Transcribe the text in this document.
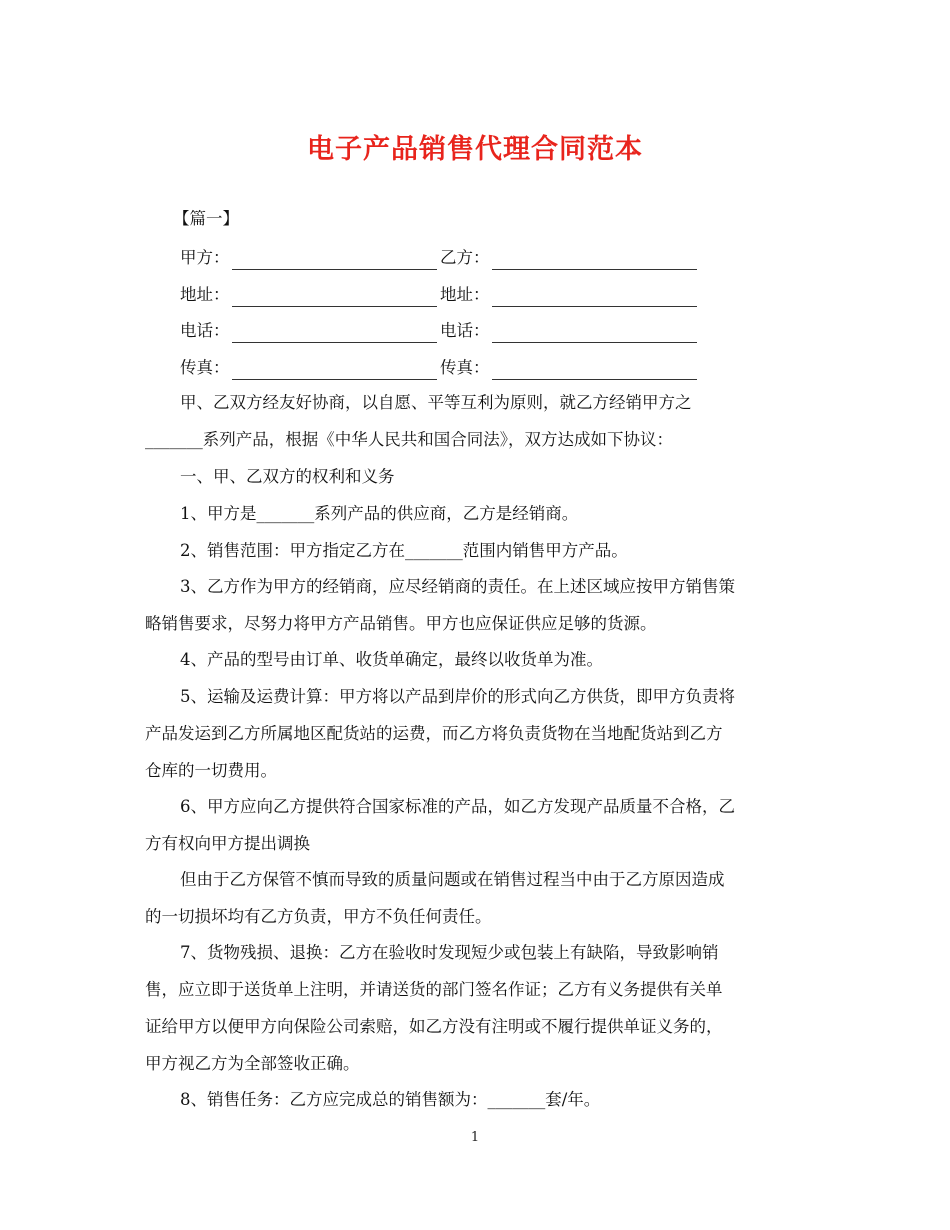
电子产品销售代理合同范本
【篇一】
甲方：	乙方：
地址：	地址：
电话：	电话：
传真：	传真：
甲、乙双方经友好协商，以自愿、平等互利为原则，就乙方经销甲方之
_______系列产品，根据《中华人民共和国合同法》，双方达成如下协议：
一、甲、乙双方的权利和义务
1、甲方是_______系列产品的供应商，乙方是经销商。
2、销售范围：甲方指定乙方在_______范围内销售甲方产品。
3、乙方作为甲方的经销商，应尽经销商的责任。在上述区域应按甲方销售策
略销售要求，尽努力将甲方产品销售。甲方也应保证供应足够的货源。
4、产品的型号由订单、收货单确定，最终以收货单为准。
5、运输及运费计算：甲方将以产品到岸价的形式向乙方供货，即甲方负责将
产品发运到乙方所属地区配货站的运费，而乙方将负责货物在当地配货站到乙方
仓库的一切费用。
6、甲方应向乙方提供符合国家标准的产品，如乙方发现产品质量不合格，乙
方有权向甲方提出调换
但由于乙方保管不慎而导致的质量问题或在销售过程当中由于乙方原因造成
的一切损坏均有乙方负责，甲方不负任何责任。
7、货物残损、退换：乙方在验收时发现短少或包装上有缺陷，导致影响销
售，应立即于送货单上注明，并请送货的部门签名作证；乙方有义务提供有关单
证给甲方以便甲方向保险公司索赔，如乙方没有注明或不履行提供单证义务的，
甲方视乙方为全部签收正确。
8、销售任务：乙方应完成总的销售额为：_______套/年。
1
